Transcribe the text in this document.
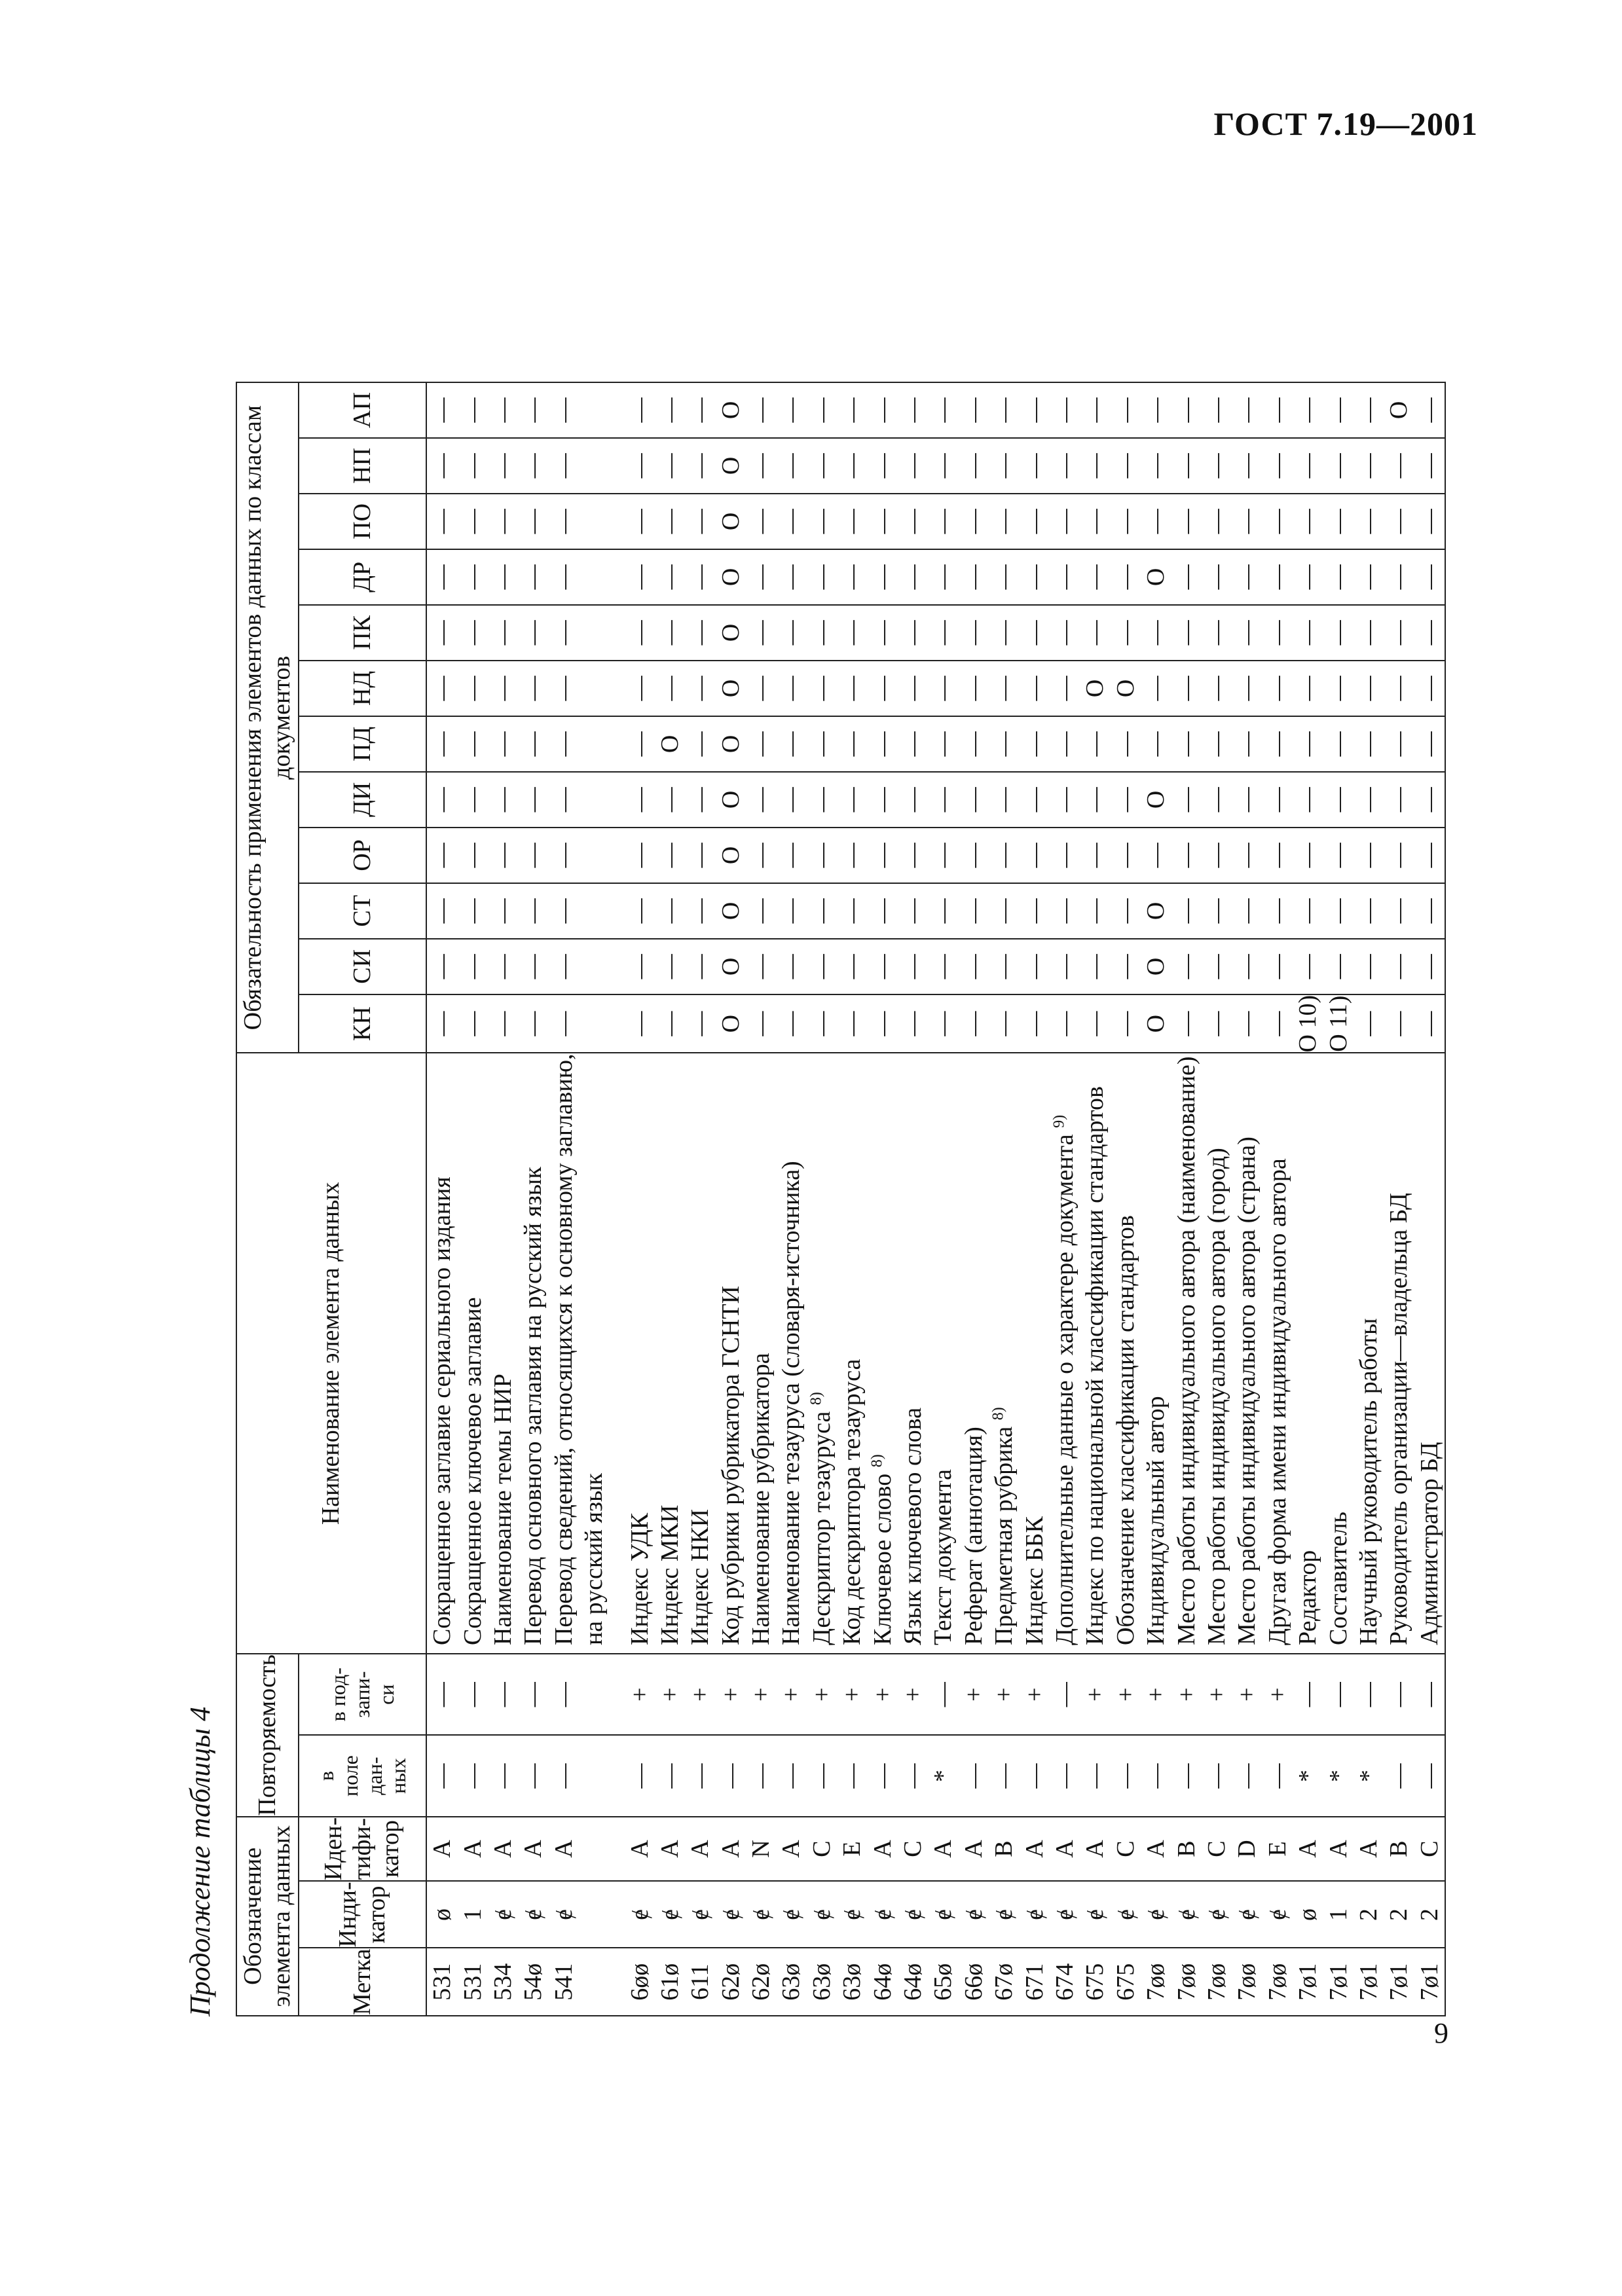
ГОСТ 7.19—2001
9
Продолжение таблицы 4 Обозначение элемента данных			Повторяемость		Наименование элемента данных	Обязательность применения элементов данных по классам документов											
Метка	Инди-
катор	Иден-
тифи-
катор	в
поле
дан-
ных	в под-
запи-
си		КН	СИ	СТ	ОР	ДИ	ПД	НД	ПК	ДР	ПО	НП	АП
531	ø	A	—	—	Сокращенное заглавие сериального издания	—	—	—	—	—	—	—	—	—	—	—	—
531	1	A	—	—	Сокращенное ключевое заглавие	—	—	—	—	—	—	—	—	—	—	—	—
534	ɇ	A	—	—	Наименование темы НИР	—	—	—	—	—	—	—	—	—	—	—	—
54ø	ɇ	A	—	—	Перевод основного заглавия на русский язык	—	—	—	—	—	—	—	—	—	—	—	—
541	ɇ	A	—	—	Перевод сведений, относящихся к основному заглавию,	—	—	—	—	—	—	—	—	—	—	—	—
					на русский язык												

6øø	ɇ	A	—	+	Индекс УДК	—	—	—	—	—	—	—	—	—	—	—	—
61ø	ɇ	A	—	+	Индекс МКИ	—	—	—	—	—	О	—	—	—	—	—	—
611	ɇ	A	—	+	Индекс НКИ	—	—	—	—	—	—	—	—	—	—	—	—
62ø	ɇ	A	—	+	Код рубрики рубрикатора ГСНТИ	О	О	О	О	О	О	О	О	О	О	О	О
62ø	ɇ	N	—	+	Наименование рубрикатора	—	—	—	—	—	—	—	—	—	—	—	—
63ø	ɇ	A	—	+	Наименование тезауруса (словаря-источника)	—	—	—	—	—	—	—	—	—	—	—	—
63ø	ɇ	C	—	+	Дескриптор тезауруса $^{8)}$	—	—	—	—	—	—	—	—	—	—	—	—
63ø	ɇ	E	—	+	Код дескриптора тезауруса	—	—	—	—	—	—	—	—	—	—	—	—
64ø	ɇ	A	—	+	Ключевое слово $^{8)}$	—	—	—	—	—	—	—	—	—	—	—	—
64ø	ɇ	C	—	+	Язык ключевого слова	—	—	—	—	—	—	—	—	—	—	—	—
65ø	ɇ	A	*	—	Текст документа	—	—	—	—	—	—	—	—	—	—	—	—
66ø	ɇ	A	—	+	Реферат (аннотация)	—	—	—	—	—	—	—	—	—	—	—	—
67ø	ɇ	B	—	+	Предметная рубрика $^{8)}$	—	—	—	—	—	—	—	—	—	—	—	—
671	ɇ	A	—	+	Индекс ББК	—	—	—	—	—	—	—	—	—	—	—	—
674	ɇ	A	—	—	Дополнительные данные о характере документа $^{9)}$	—	—	—	—	—	—	—	—	—	—	—	—
675	ɇ	A	—	+	Индекс по национальной классификации стандартов	—	—	—	—	—	—	О	—	—	—	—	—
675	ɇ	C	—	+	Обозначение классификации стандартов	—	—	—	—	—	—	О	—	—	—	—	—
7øø	ɇ	A	—	+	Индивидуальный автор	О	О	О	—	О	—	—	—	О	—	—	—
7øø	ɇ	B	—	+	Место работы индивидуального автора (наименование)	—	—	—	—	—	—	—	—	—	—	—	—
7øø	ɇ	C	—	+	Место работы индивидуального автора (город)	—	—	—	—	—	—	—	—	—	—	—	—
7øø	ɇ	D	—	+	Место работы индивидуального автора (страна)	—	—	—	—	—	—	—	—	—	—	—	—
7øø	ɇ	E	—	+	Другая форма имени индивидуального автора	—	—	—	—	—	—	—	—	—	—	—	—
7ø1	ø	A	*	—	Редактор	О 10)	—	—	—	—	—	—	—	—	—	—	—
7ø1	1	A	*	—	Составитель	О 11)	—	—	—	—	—	—	—	—	—	—	—
7ø1	2	A	*	—	Научный руководитель работы	—	—	—	—	—	—	—	—	—	—	—	—
7ø1	2	B	—	—	Руководитель организации—владельца БД	—	—	—	—	—	—	—	—	—	—	—	О
7ø1	2	C	—	—	Администратор БД	—	—	—	—	—	—	—	—	—	—	—	—
